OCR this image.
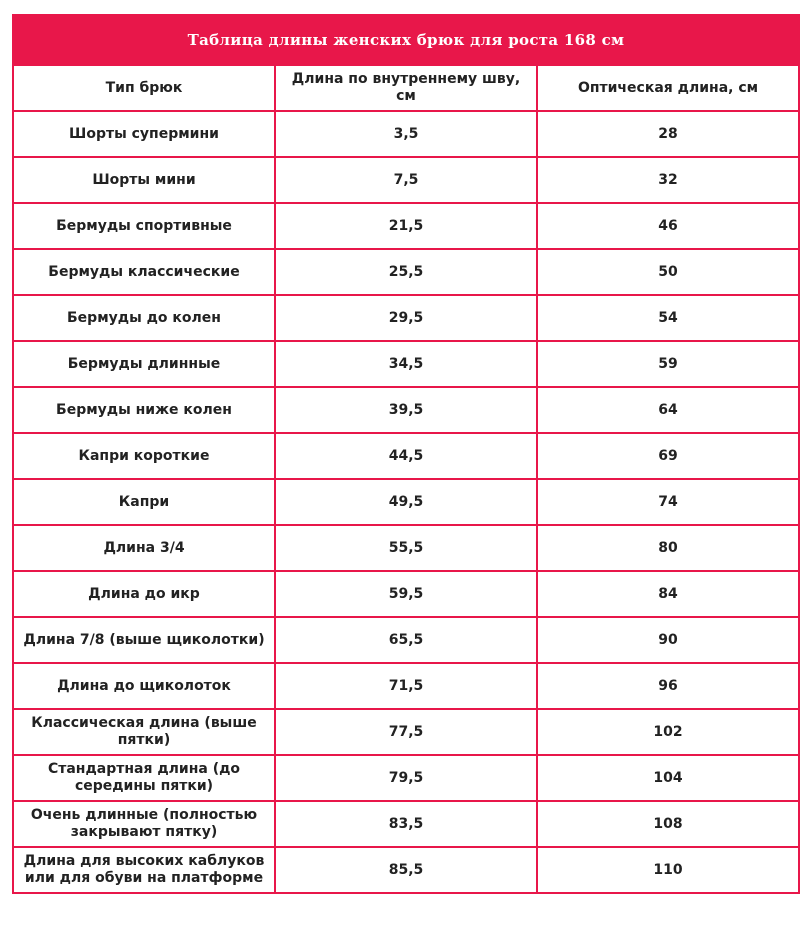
Таблица длины женских брюк для роста 168 см		
Тип брюк	Длина по внутреннему шву, см	Оптическая длина, см
Шорты супермини	3,5	28
Шорты мини	7,5	32
Бермуды спортивные	21,5	46
Бермуды классические	25,5	50
Бермуды до колен	29,5	54
Бермуды длинные	34,5	59
Бермуды ниже колен	39,5	64
Капри короткие	44,5	69
Капри	49,5	74
Длина 3/4	55,5	80
Длина до икр	59,5	84
Длина 7/8 (выше щиколотки)	65,5	90
Длина до щиколоток	71,5	96
Классическая длина (выше пятки)	77,5	102
Стандартная длина (до середины пятки)	79,5	104
Очень длинные (полностью закрывают пятку)	83,5	108
Длина для высоких каблуков или для обуви на платформе	85,5	110
